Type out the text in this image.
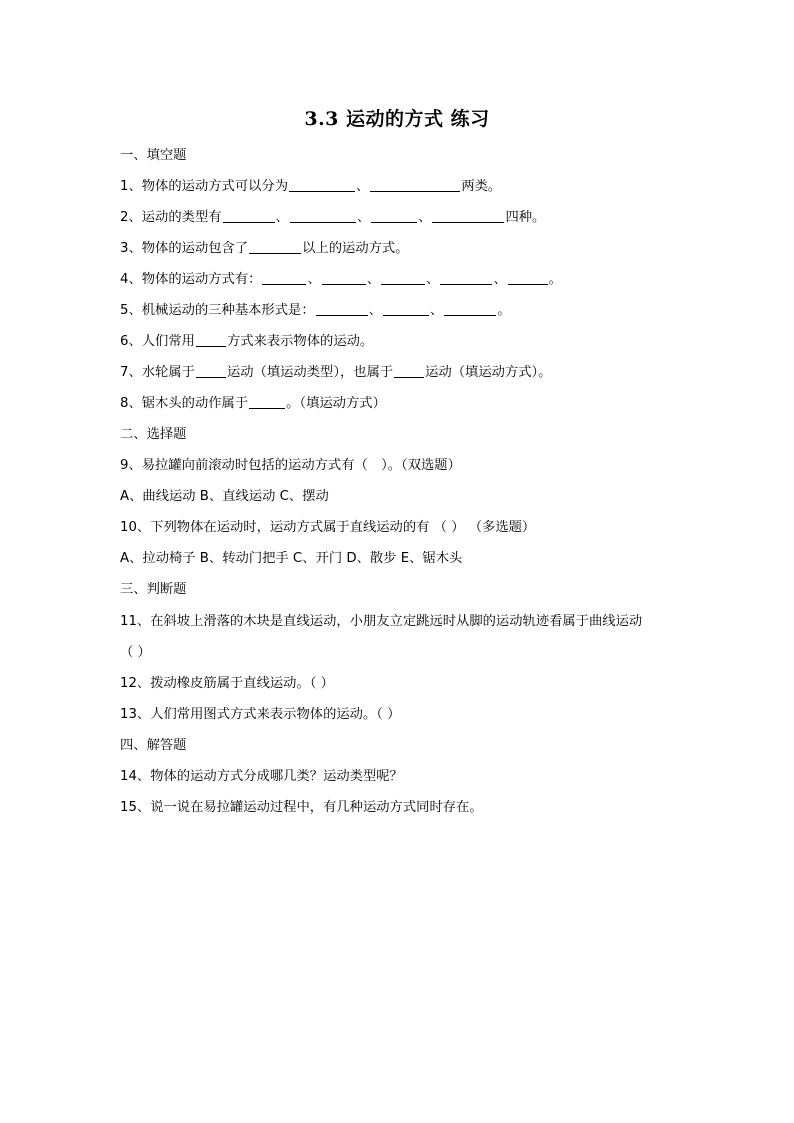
3.3 运动的方式 练习
一、填空题
1、物体的运动方式可以分为	、	两类。
2、运动的类型有	、	、	、	四种。
3、物体的运动包含了	以上的运动方式。
4、物体的运动方式有：	、	、	、	、	。
5、机械运动的三种基本形式是：	、	、	。
6、人们常用 方式来表示物体的运动。
7、水轮属于 运动（填运动类型），也属于 运动（填运动方式）。
8、锯木头的动作属于	。（填运动方式）
二、选择题
9、易拉罐向前滚动时包括的运动方式有（　）。（双选题）
A、曲线运动 B、直线运动 C、摆动
10、下列物体在运动时，运动方式属于直线运动的有 （ ） （多选题）
A、拉动椅子 B、转动门把手 C、开门 D、散步 E、锯木头
三、判断题
11、在斜坡上滑落的木块是直线运动，小朋友立定跳远时从脚的运动轨迹看属于曲线运动
（ ）
12、拨动橡皮筋属于直线运动。（ ）
13、人们常用图式方式来表示物体的运动。（ ）
四、解答题
14、物体的运动方式分成哪几类？运动类型呢？
15、说一说在易拉罐运动过程中，有几种运动方式同时存在。
